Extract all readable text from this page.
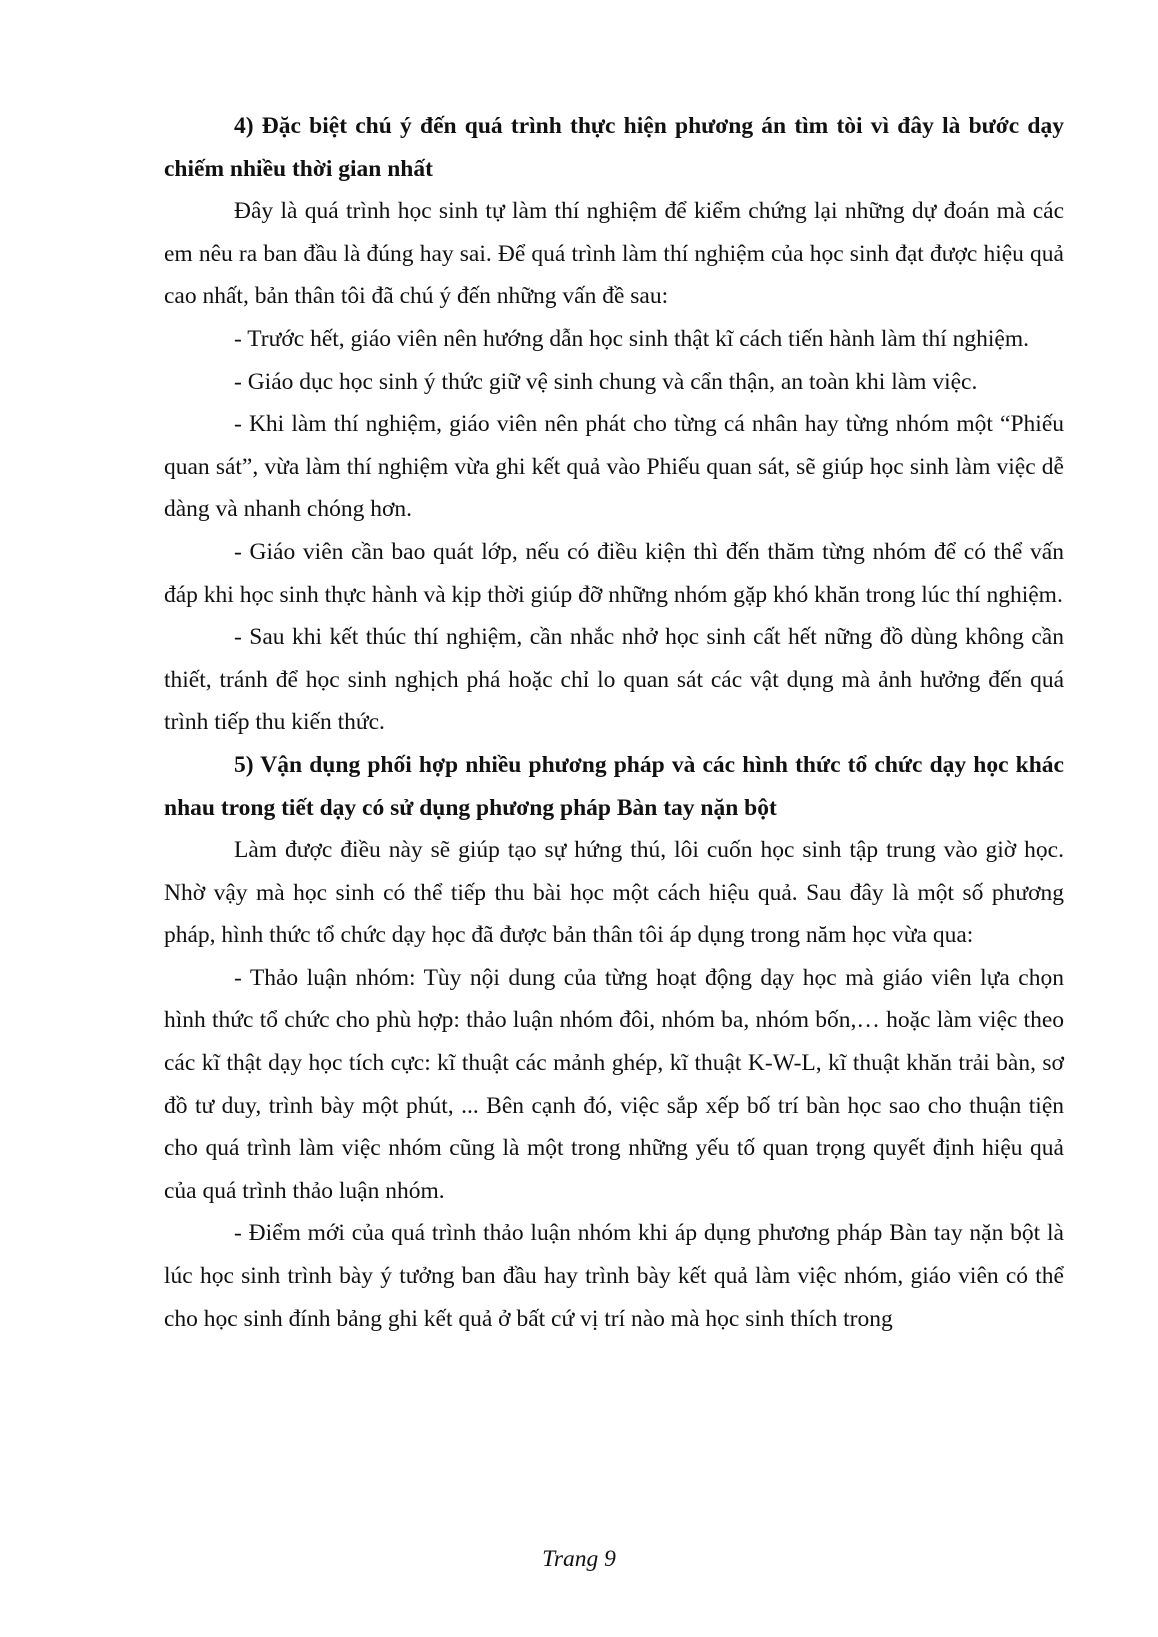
4) Đặc biệt chú ý đến quá trình thực hiện phương án tìm tòi vì đây là bước dạy chiếm nhiều thời gian nhất

Đây là quá trình học sinh tự làm thí nghiệm để kiểm chứng lại những dự đoán mà các em nêu ra ban đầu là đúng hay sai. Để quá trình làm thí nghiệm của học sinh đạt được hiệu quả cao nhất, bản thân tôi đã chú ý đến những vấn đề sau:

- Trước hết, giáo viên nên hướng dẫn học sinh thật kĩ cách tiến hành làm thí nghiệm.

- Giáo dục học sinh ý thức giữ vệ sinh chung và cẩn thận, an toàn khi làm việc.

- Khi làm thí nghiệm, giáo viên nên phát cho từng cá nhân hay từng nhóm một “Phiếu quan sát”, vừa làm thí nghiệm vừa ghi kết quả vào Phiếu quan sát, sẽ giúp học sinh làm việc dễ dàng và nhanh chóng hơn.

- Giáo viên cần bao quát lớp, nếu có điều kiện thì đến thăm từng nhóm để có thể vấn đáp khi học sinh thực hành và kịp thời giúp đỡ những nhóm gặp khó khăn trong lúc thí nghiệm.

- Sau khi kết thúc thí nghiệm, cần nhắc nhở học sinh cất hết nững đồ dùng không cần thiết, tránh để học sinh nghịch phá hoặc chỉ lo quan sát các vật dụng mà ảnh hưởng đến quá trình tiếp thu kiến thức.

5) Vận dụng phối hợp nhiều phương pháp và các hình thức tổ chức dạy học khác nhau trong tiết dạy có sử dụng phương pháp Bàn tay nặn bột

Làm được điều này sẽ giúp tạo sự hứng thú, lôi cuốn học sinh tập trung vào giờ học. Nhờ vậy mà học sinh có thể tiếp thu bài học một cách hiệu quả. Sau đây là một số phương pháp, hình thức tổ chức dạy học đã được bản thân tôi áp dụng trong năm học vừa qua:

- Thảo luận nhóm: Tùy nội dung của từng hoạt động dạy học mà giáo viên lựa chọn hình thức tổ chức cho phù hợp: thảo luận nhóm đôi, nhóm ba, nhóm bốn,… hoặc làm việc theo các kĩ thật dạy học tích cực: kĩ thuật các mảnh ghép, kĩ thuật K-W-L, kĩ thuật khăn trải bàn, sơ đồ tư duy, trình bày một phút, ... Bên cạnh đó, việc sắp xếp bố trí bàn học sao cho thuận tiện cho quá trình làm việc nhóm cũng là một trong những yếu tố quan trọng quyết định hiệu quả của quá trình thảo luận nhóm.

- Điểm mới của quá trình thảo luận nhóm khi áp dụng phương pháp Bàn tay nặn bột là lúc học sinh trình bày ý tưởng ban đầu hay trình bày kết quả làm việc nhóm, giáo viên có thể cho học sinh đính bảng ghi kết quả ở bất cứ vị trí nào mà học sinh thích trong

Trang 9
